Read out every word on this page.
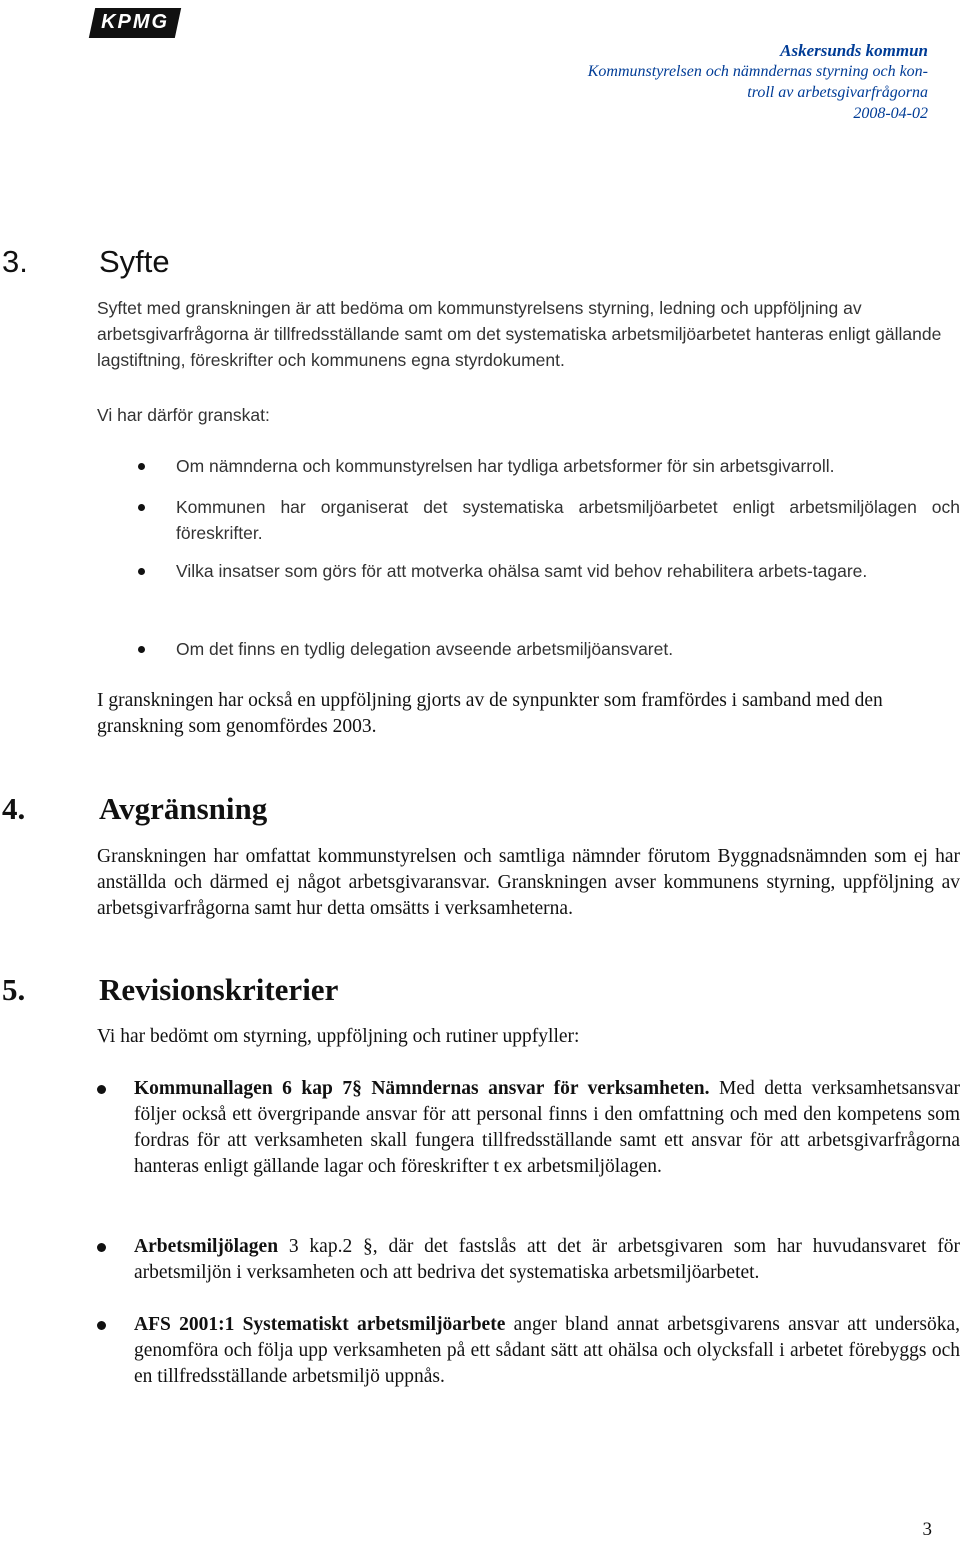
KPMG
Askersunds kommun
Kommunstyrelsen och nämndernas styrning och kon-
troll av arbetsgivarfrågorna
2008-04-02
3. Syfte
Syftet med granskningen är att bedöma om kommunstyrelsens styrning, ledning och uppföljning av arbetsgivarfrågorna är tillfredsställande samt om det systematiska arbetsmiljöarbetet hanteras enligt gällande lagstiftning, föreskrifter och kommunens egna styrdokument.
Vi har därför granskat:
Om nämnderna och kommunstyrelsen har tydliga arbetsformer för sin arbetsgivarroll.
Kommunen har organiserat det systematiska arbetsmiljöarbetet enligt arbetsmiljölagen och föreskrifter.
Vilka insatser som görs för att motverka ohälsa samt vid behov rehabilitera arbets-tagare.
Om det finns en tydlig delegation avseende arbetsmiljöansvaret.
I granskningen har också en uppföljning gjorts av de synpunkter som framfördes i samband med den granskning som genomfördes 2003.
4. Avgränsning
Granskningen har omfattat kommunstyrelsen och samtliga nämnder förutom Byggnadsnämnden som ej har anställda och därmed ej något arbetsgivaransvar. Granskningen avser kommunens styrning, uppföljning av arbetsgivarfrågorna samt hur detta omsätts i verksamheterna.
5. Revisionskriterier
Vi har bedömt om styrning, uppföljning och rutiner uppfyller:
Kommunallagen 6 kap 7§ Nämndernas ansvar för verksamheten. Med detta verksamhetsansvar följer också ett övergripande ansvar för att personal finns i den omfattning och med den kompetens som fordras för att verksamheten skall fungera tillfredsställande samt ett ansvar för att arbetsgivarfrågorna hanteras enligt gällande lagar och föreskrifter t ex arbetsmiljölagen.
Arbetsmiljölagen 3 kap.2 §, där det fastslås att det är arbetsgivaren som har huvudansvaret för arbetsmiljön i verksamheten och att bedriva det systematiska arbetsmiljöarbetet.
AFS 2001:1 Systematiskt arbetsmiljöarbete anger bland annat arbetsgivarens ansvar att undersöka, genomföra och följa upp verksamheten på ett sådant sätt att ohälsa och olycksfall i arbetet förebyggs och en tillfredsställande arbetsmiljö uppnås.
3
